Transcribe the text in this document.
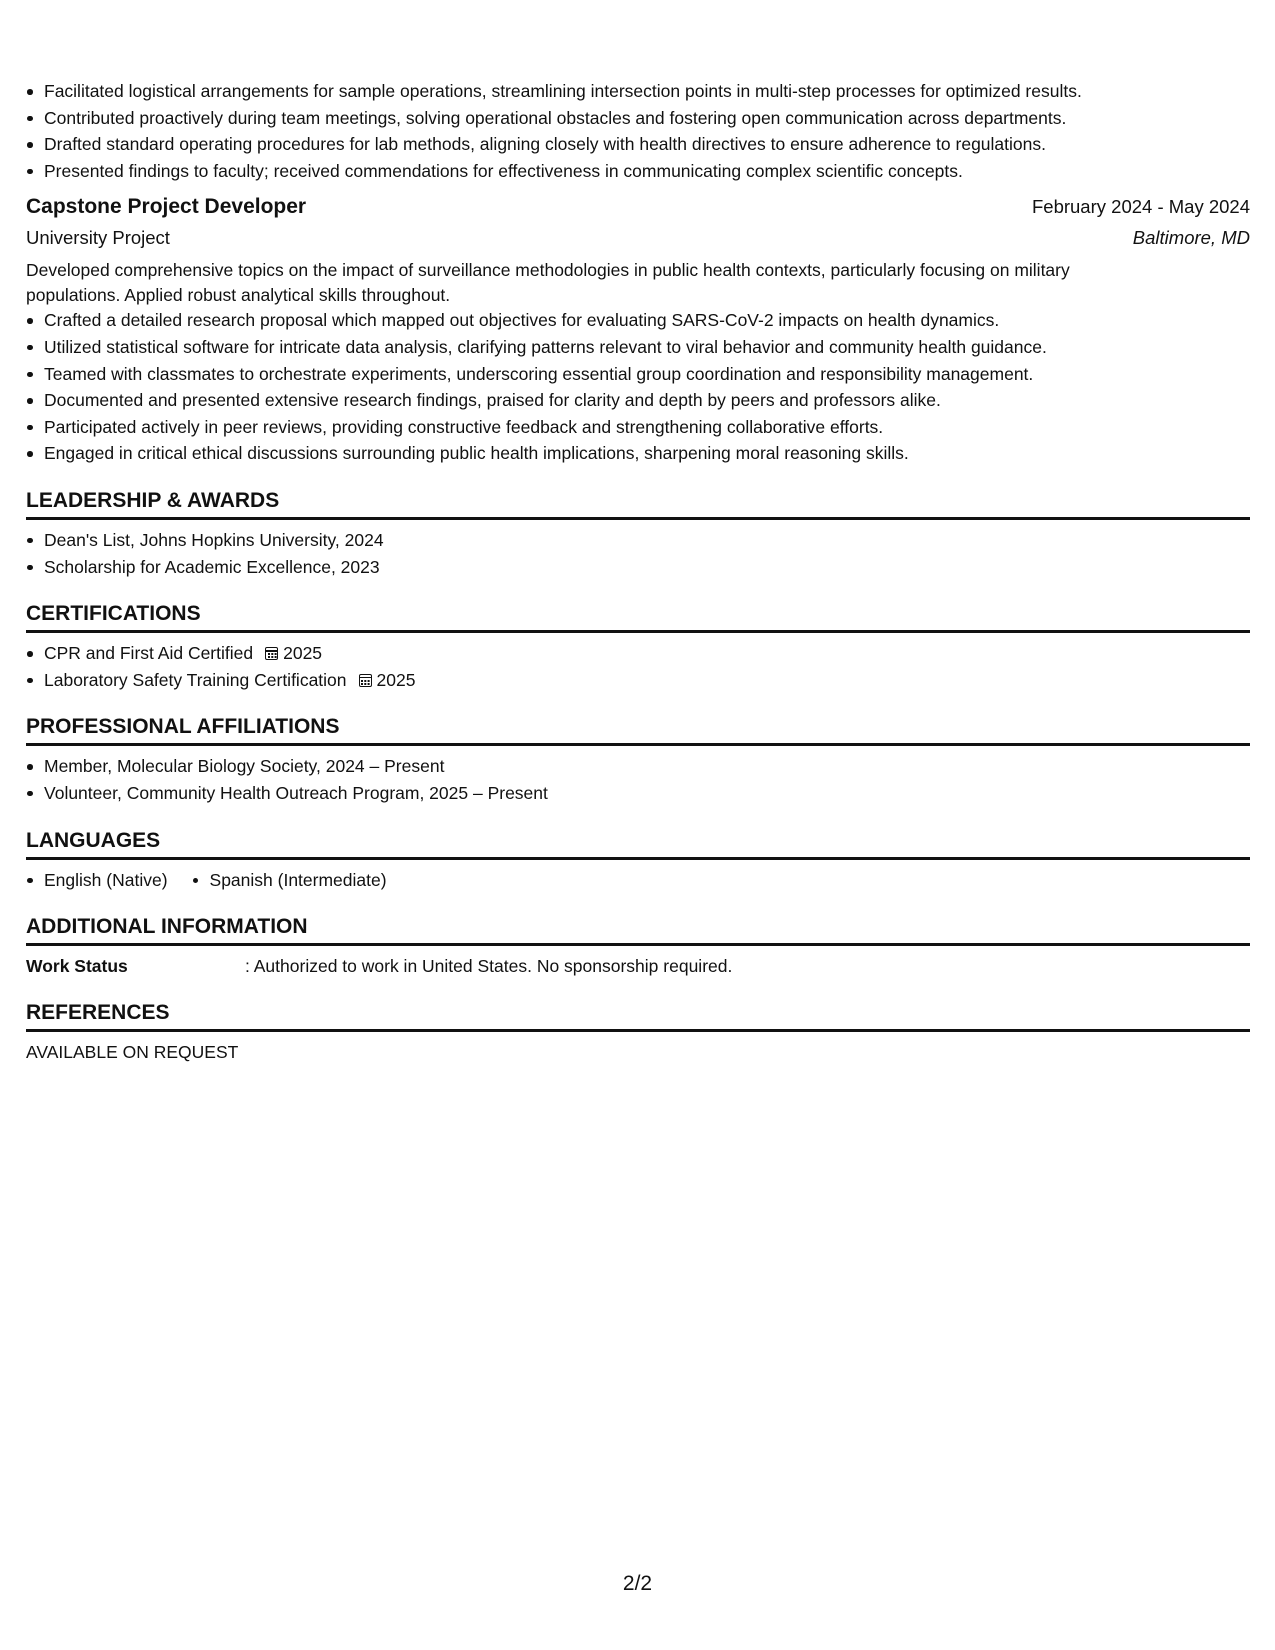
Facilitated logistical arrangements for sample operations, streamlining intersection points in multi-step processes for optimized results.
Contributed proactively during team meetings, solving operational obstacles and fostering open communication across departments.
Drafted standard operating procedures for lab methods, aligning closely with health directives to ensure adherence to regulations.
Presented findings to faculty; received commendations for effectiveness in communicating complex scientific concepts.
Capstone Project Developer	February 2024 - May 2024
University Project	Baltimore, MD
Developed comprehensive topics on the impact of surveillance methodologies in public health contexts, particularly focusing on military
populations. Applied robust analytical skills throughout.
Crafted a detailed research proposal which mapped out objectives for evaluating SARS-CoV-2 impacts on health dynamics.
Utilized statistical software for intricate data analysis, clarifying patterns relevant to viral behavior and community health guidance.
Teamed with classmates to orchestrate experiments, underscoring essential group coordination and responsibility management.
Documented and presented extensive research findings, praised for clarity and depth by peers and professors alike.
Participated actively in peer reviews, providing constructive feedback and strengthening collaborative efforts.
Engaged in critical ethical discussions surrounding public health implications, sharpening moral reasoning skills.
LEADERSHIP & AWARDS
Dean's List, Johns Hopkins University, 2024
Scholarship for Academic Excellence, 2023
CERTIFICATIONS
CPR and First Aid Certified 2025
Laboratory Safety Training Certification 2025
PROFESSIONAL AFFILIATIONS
Member, Molecular Biology Society, 2024 – Present
Volunteer, Community Health Outreach Program, 2025 – Present
LANGUAGES
English (Native)	Spanish (Intermediate)
ADDITIONAL INFORMATION
Work Status	: Authorized to work in United States. No sponsorship required.
REFERENCES
AVAILABLE ON REQUEST
2/2
